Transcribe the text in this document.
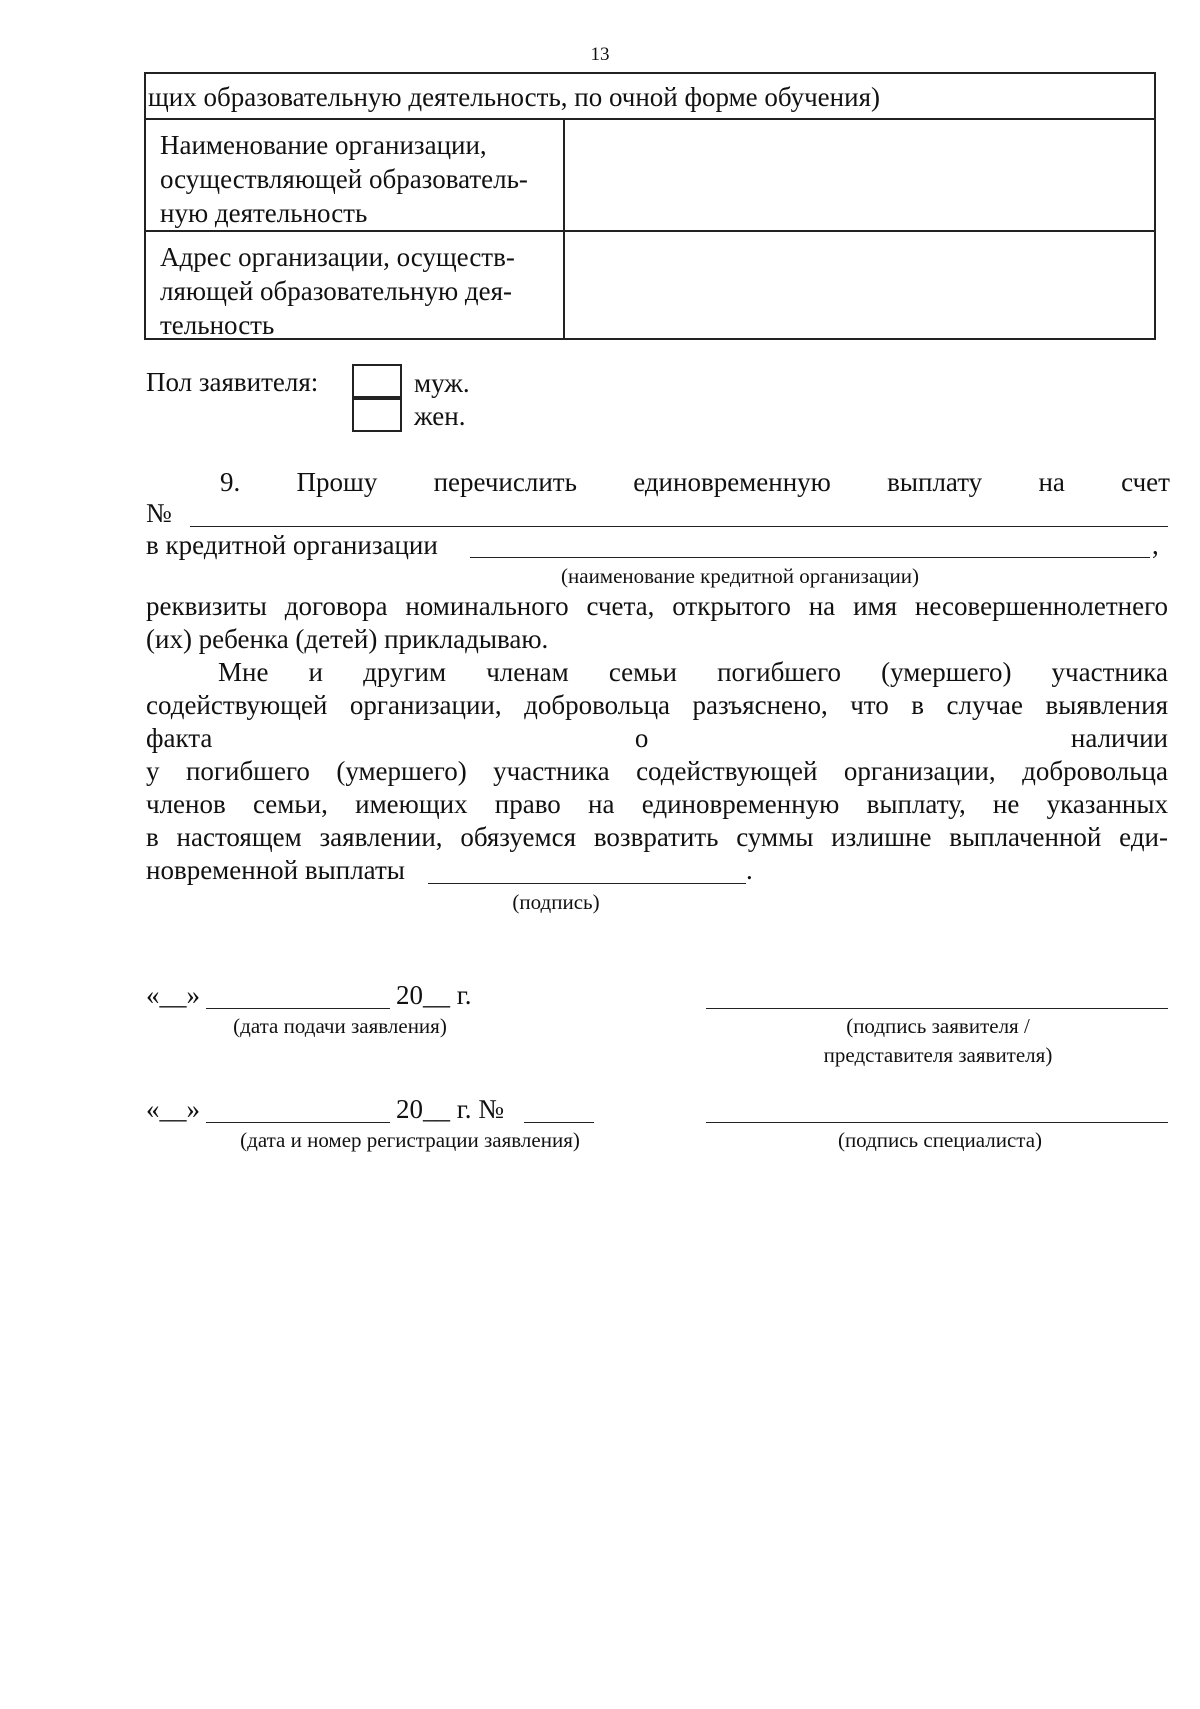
13
щих образовательную деятельность, по очной форме обучения)
Наименование организации,
осуществляющей образователь-
ную деятельность
Адрес организации, осуществ-
ляющей образовательную дея-
тельность
Пол заявителя:	муж.
жен.
9. Прошу перечислить единовременную выплату на счет
№
в кредитной организации	,
(наименование кредитной организации)
реквизиты договора номинального счета, открытого на имя несовершеннолетнего
(их) ребенка (детей) прикладываю.
Мне и другим членам семьи погибшего (умершего) участника
содействующей организации, добровольца разъяснено, что в случае выявления
факта о наличии
у погибшего (умершего) участника содействующей организации, добровольца
членов семьи, имеющих право на единовременную выплату, не указанных
в настоящем заявлении, обязуемся возвратить суммы излишне выплаченной еди-
новременной выплаты	.
(подпись)
«__»	20__ г.
(дата подачи заявления)	(подпись заявителя /
представителя заявителя)
«__»	20__ г. №
(дата и номер регистрации заявления)	(подпись специалиста)
